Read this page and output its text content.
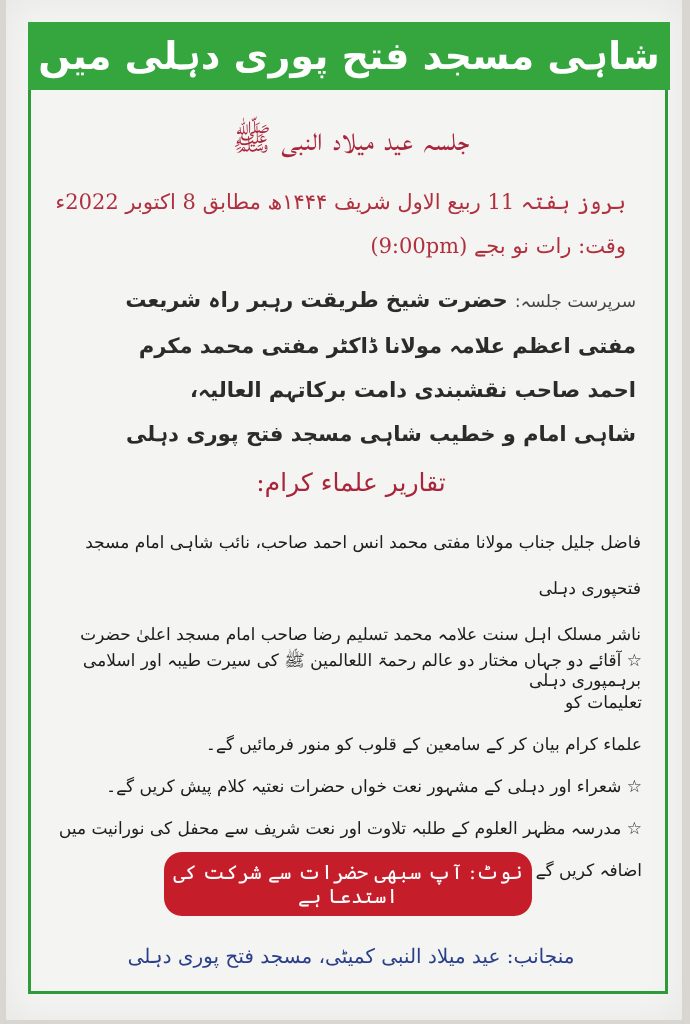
شاہی مسجد فتح پوری دہلی میں
جلسہ عید میلاد النبی ﷺ
بروز ہفتہ 11 ربیع الاول شریف ۱۴۴۴ھ مطابق 8 اکتوبر 2022ء
وقت: رات نو بجے (9:00pm)
سرپرست جلسہ: حضرت شیخ طریقت رہبر راہ شریعت
مفتی اعظم علامہ مولانا ڈاکٹر مفتی محمد مکرم
احمد صاحب نقشبندی دامت برکاتہم العالیہ،
شاہی امام و خطیب شاہی مسجد فتح پوری دہلی
تقاریر علماء کرام:
فاضل جلیل جناب مولانا مفتی محمد انس احمد صاحب، نائب شاہی امام مسجد فتحپوری دہلی
ناشر مسلک اہل سنت علامہ محمد تسلیم رضا صاحب امام مسجد اعلیٰ حضرت برہمپوری دہلی
☆ آقائے دو جہاں مختار دو عالم رحمۃ اللعالمین ﷺ کی سیرت طیبہ اور اسلامی تعلیمات کو
علماء کرام بیان کر کے سامعین کے قلوب کو منور فرمائیں گے۔
☆ شعراء اور دہلی کے مشہور نعت خواں حضرات نعتیہ کلام پیش کریں گے۔
☆ مدرسہ مظہر العلوم کے طلبہ تلاوت اور نعت شریف سے محفل کی نورانیت میں اضافہ کریں گے
نوٹ: آپ سبھی حضرات سے شرکت کی استدعا ہے
منجانب: عید میلاد النبی کمیٹی، مسجد فتح پوری دہلی
